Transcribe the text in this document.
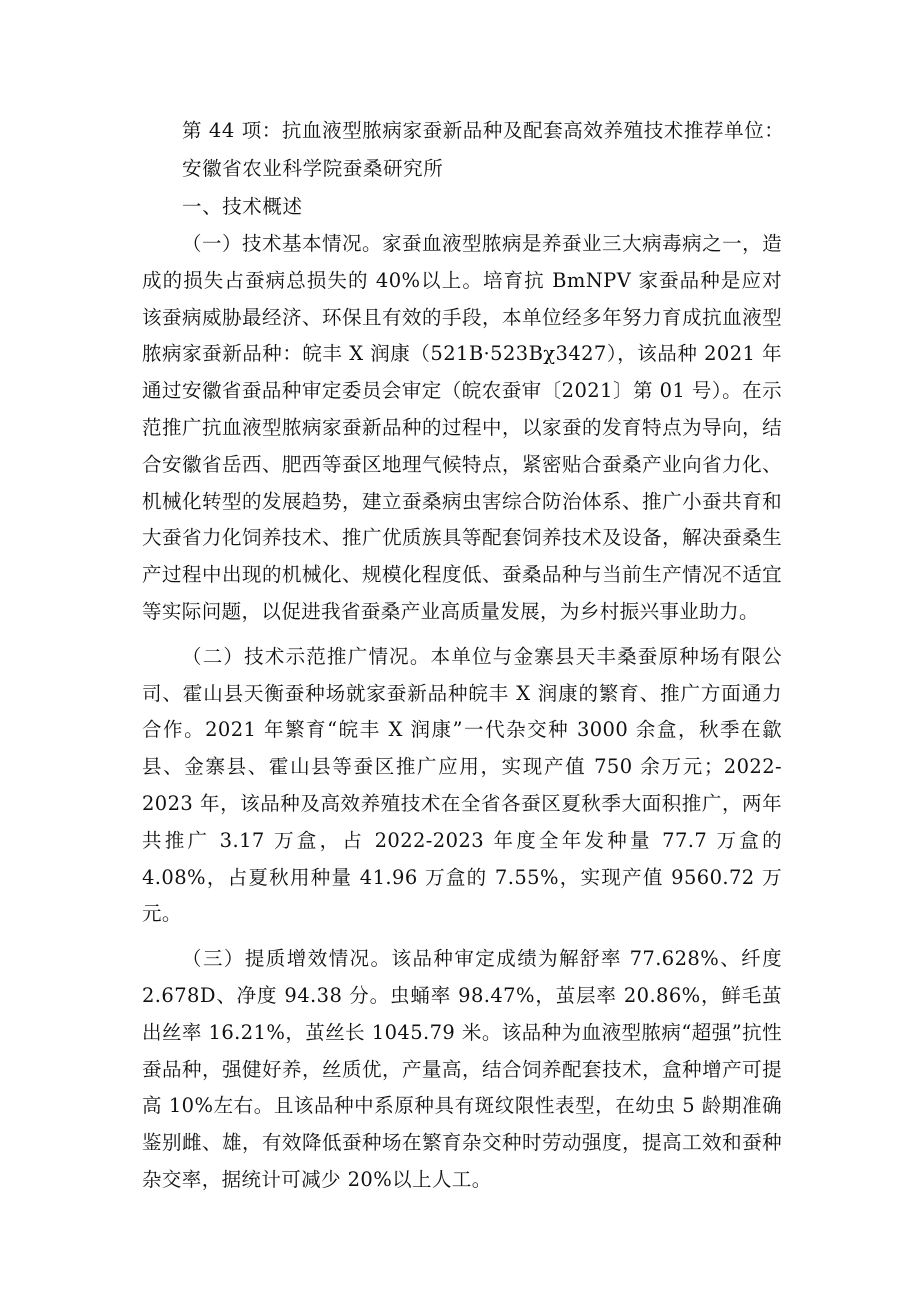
第 44 项：抗血液型脓病家蚕新品种及配套高效养殖技术推荐单位：

安徽省农业科学院蚕桑研究所

一、技术概述

（一）技术基本情况。家蚕血液型脓病是养蚕业三大病毒病之一，造成的损失占蚕病总损失的 40%以上。培育抗 BmNPV 家蚕品种是应对该蚕病威胁最经济、环保且有效的手段，本单位经多年努力育成抗血液型脓病家蚕新品种：皖丰 X 润康（521B·523Bχ3427），该品种 2021 年通过安徽省蚕品种审定委员会审定（皖农蚕审〔2021〕第 01 号）。在示范推广抗血液型脓病家蚕新品种的过程中，以家蚕的发育特点为导向，结合安徽省岳西、肥西等蚕区地理气候特点，紧密贴合蚕桑产业向省力化、机械化转型的发展趋势，建立蚕桑病虫害综合防治体系、推广小蚕共育和大蚕省力化饲养技术、推广优质族具等配套饲养技术及设备，解决蚕桑生产过程中出现的机械化、规模化程度低、蚕桑品种与当前生产情况不适宜等实际问题，以促进我省蚕桑产业高质量发展，为乡村振兴事业助力。

（二）技术示范推广情况。本单位与金寨县天丰桑蚕原种场有限公司、霍山县天衡蚕种场就家蚕新品种皖丰 X 润康的繁育、推广方面通力合作。2021 年繁育“皖丰 X 润康”一代杂交种 3000 余盒，秋季在歙县、金寨县、霍山县等蚕区推广应用，实现产值 750 余万元；2022-2023 年，该品种及高效养殖技术在全省各蚕区夏秋季大面积推广，两年共推广 3.17 万盒，占 2022-2023 年度全年发种量 77.7 万盒的 4.08%，占夏秋用种量 41.96 万盒的 7.55%，实现产值 9560.72 万元。

（三）提质增效情况。该品种审定成绩为解舒率 77.628%、纤度 2.678D、净度 94.38 分。虫蛹率 98.47%，茧层率 20.86%，鲜毛茧出丝率 16.21%，茧丝长 1045.79 米。该品种为血液型脓病“超强”抗性蚕品种，强健好养，丝质优，产量高，结合饲养配套技术，盒种增产可提高 10%左右。且该品种中系原种具有斑纹限性表型，在幼虫 5 龄期准确鉴别雌、雄，有效降低蚕种场在繁育杂交种时劳动强度，提高工效和蚕种杂交率，据统计可减少 20%以上人工。
